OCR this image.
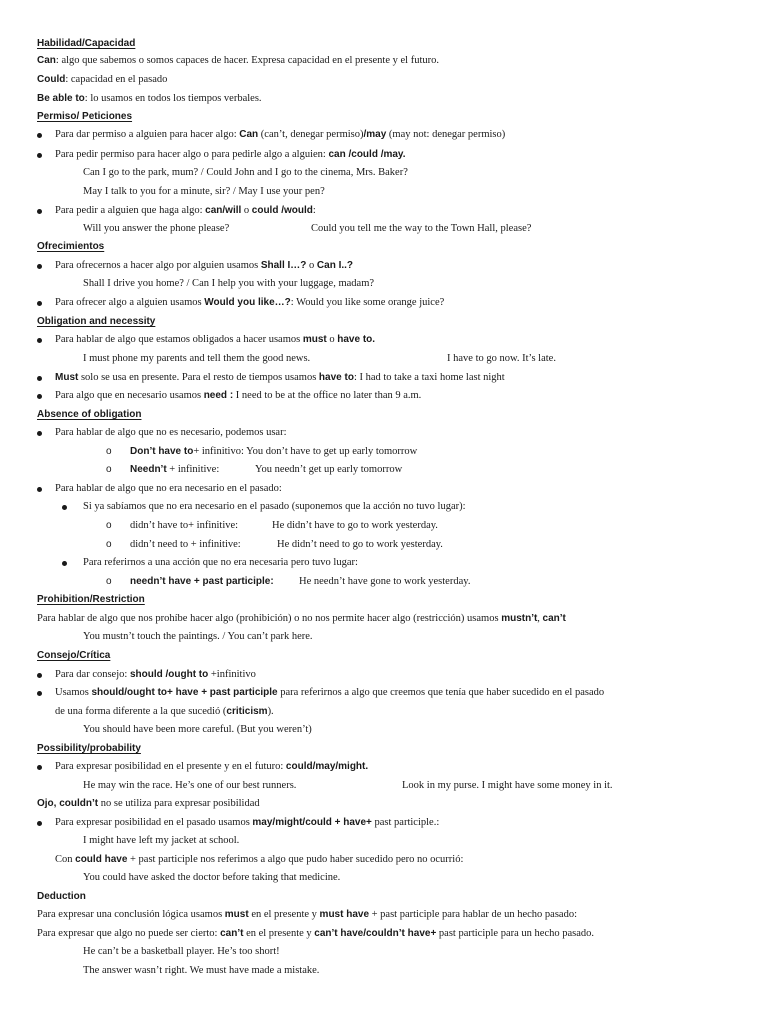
Habilidad/Capacidad
Can: algo que sabemos o somos capaces de hacer. Expresa capacidad en el presente y el futuro.
Could: capacidad en el pasado
Be able to: lo usamos en todos los tiempos verbales.
Permiso/ Peticiones
Para dar permiso a alguien para hacer algo: Can (can’t, denegar permiso)/may (may not: denegar permiso)
Para pedir permiso para hacer algo o para pedirle algo a alguien: can /could /may.
Can I go to the park, mum? / Could John and I go to the cinema, Mrs. Baker?
May I talk to you for a minute, sir? / May I use your pen?
Para pedir a alguien que haga algo: can/will o could /would:
Will you answer the phone please?	Could you tell me the way to the Town Hall, please?
Ofrecimientos
Para ofrecernos a hacer algo por alguien usamos Shall I…? o Can I..?
Shall I drive you home? / Can I help you with your luggage, madam?
Para ofrecer algo a alguien usamos Would you like…?: Would you like some orange juice?
Obligation and necessity
Para hablar de algo que estamos obligados a hacer usamos must o have to.
I must phone my parents and tell them the good news.	I have to go now. It’s late.
Must solo se usa en presente. Para el resto de tiempos usamos have to: I had to take a taxi home last night
Para algo que en necesario usamos need : I need to be at the office no later than 9 a.m.
Absence of obligation
Para hablar de algo que no es necesario, podemos usar:
o Don’t have to+ infinitivo: You don’t have to get up early tomorrow
o Needn’t + infinitive:	You needn’t get up early tomorrow
Para hablar de algo que no era necesario en el pasado:
Si ya sabíamos que no era necesario en el pasado (suponemos que la acción no tuvo lugar):
o didn’t have to+ infinitive:	He didn’t have to go to work yesterday.
o didn’t need to + infinitive:	He didn’t need to go to work yesterday.
Para referirnos a una acción que no era necesaria pero tuvo lugar:
o needn’t have + past participle: He needn’t have gone to work yesterday.
Prohibition/Restriction
Para hablar de algo que nos prohíbe hacer algo (prohibición) o no nos permite hacer algo (restricción) usamos mustn’t, can’t
You mustn’t touch the paintings. / You can’t park here.
Consejo/Crítica
Para dar consejo: should /ought to +infinitivo
Usamos should/ought to+ have + past participle para referirnos a algo que creemos que tenía que haber sucedido en el pasado
de una forma diferente a la que sucedió (criticism).
You should have been more careful. (But you weren’t)
Possibility/probability
Para expresar posibilidad en el presente y en el futuro: could/may/might.
He may win the race. He’s one of our best runners.	Look in my purse. I might have some money in it.
Ojo, couldn’t no se utiliza para expresar posibilidad
Para expresar posibilidad en el pasado usamos may/might/could + have+ past participle.:
I might have left my jacket at school.
Con could have + past participle nos referimos a algo que pudo haber sucedido pero no ocurrió:
You could have asked the doctor before taking that medicine.
Deduction
Para expresar una conclusión lógica usamos must en el presente y must have + past participle para hablar de un hecho pasado:
Para expresar que algo no puede ser cierto: can’t en el presente y can’t have/couldn’t have+ past participle para un hecho pasado.
He can’t be a basketball player. He’s too short!
The answer wasn’t right. We must have made a mistake.
